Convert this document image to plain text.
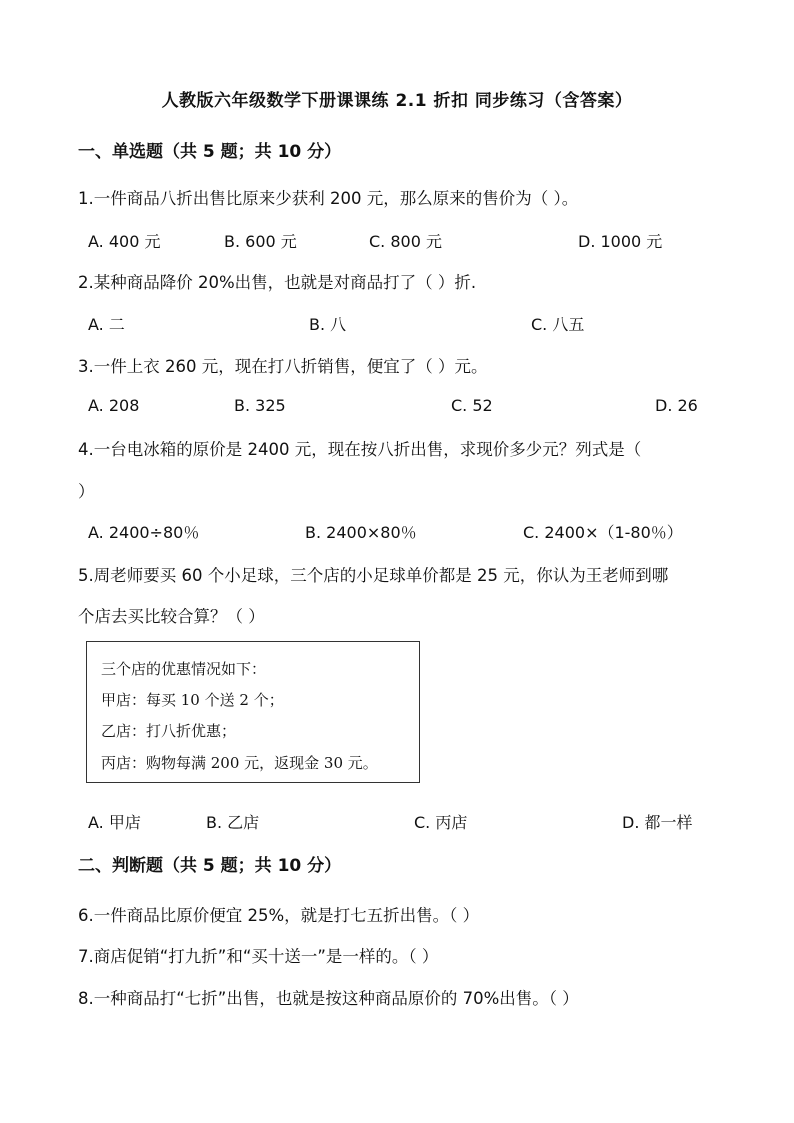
人教版六年级数学下册课课练 2.1 折扣 同步练习（含答案）
一、单选题（共 5 题；共 10 分）
1.一件商品八折出售比原来少获利 200 元，那么原来的售价为（ ）。
A. 400 元	B. 600 元	C. 800 元	D. 1000 元
2.某种商品降价 20%出售，也就是对商品打了（ ）折.
A. 二	B. 八	C. 八五
3.一件上衣 260 元，现在打八折销售，便宜了（ ）元。
A. 208	B. 325	C. 52	D. 26
4.一台电冰箱的原价是 2400 元，现在按八折出售，求现价多少元？列式是（
）
A. 2400÷80％	B. 2400×80％	C. 2400×（1-80％）
5.周老师要买 60 个小足球，三个店的小足球单价都是 25 元，你认为王老师到哪
个店去买比较合算？（ ）
三个店的优惠情况如下：
甲店：每买 10 个送 2 个；
乙店：打八折优惠；
丙店：购物每满 200 元，返现金 30 元。
A. 甲店	B. 乙店	C. 丙店	D. 都一样
二、判断题（共 5 题；共 10 分）
6.一件商品比原价便宜 25%，就是打七五折出售。（ ）
7.商店促销“打九折”和“买十送一”是一样的。（ ）
8.一种商品打“七折”出售，也就是按这种商品原价的 70%出售。（ ）
